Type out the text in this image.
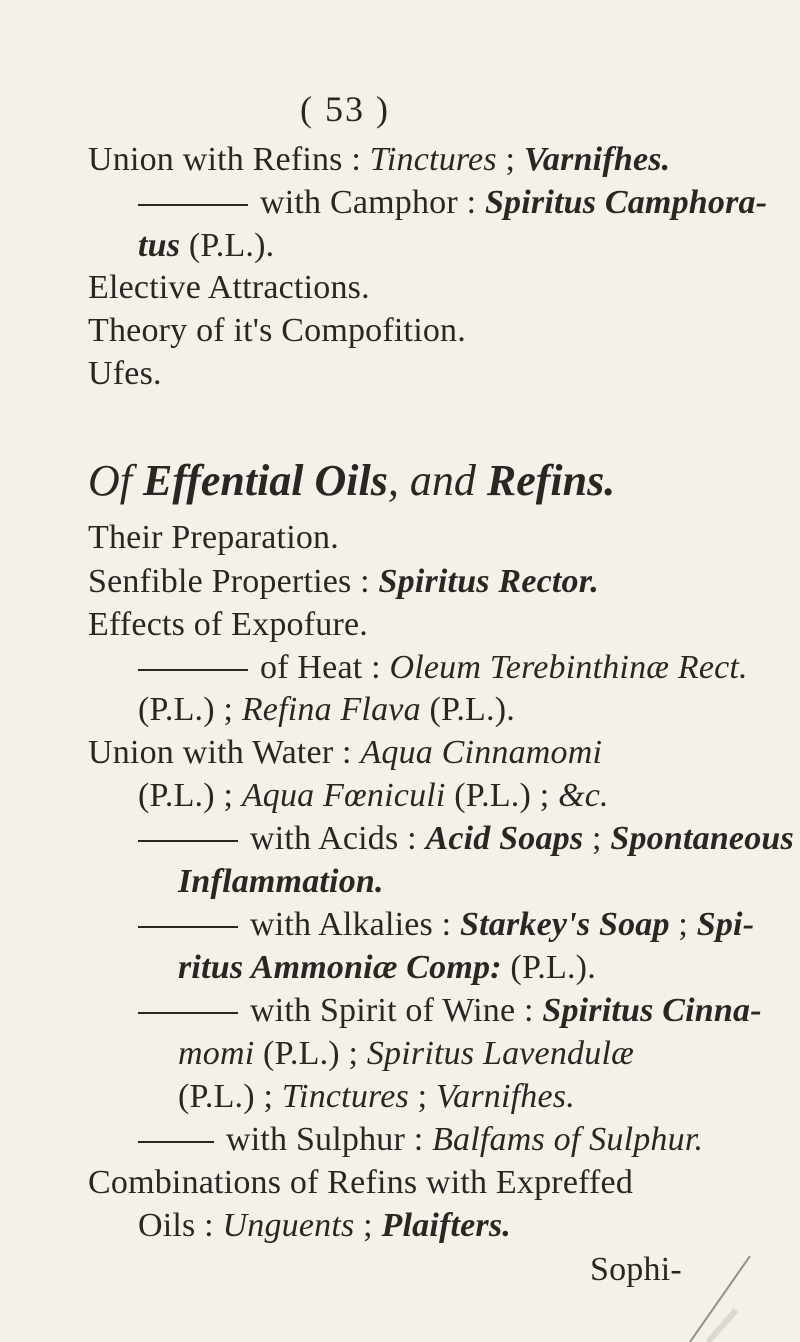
( 53 )
Union with Refins : Tinctures ; Varnifhes.
with Camphor : Spiritus Camphora-
tus (P.L.).
Elective Attractions.
Theory of it's Compofition.
Ufes.
Of Effential Oils, and Refins.
Their Preparation.
Senfible Properties : Spiritus Rector.
Effects of Expofure.
of Heat : Oleum Terebinthinæ Rect.
(P.L.) ; Refina Flava (P.L.).
Union with Water : Aqua Cinnamomi
(P.L.) ; Aqua Fœniculi (P.L.) ; &c.
with Acids : Acid Soaps ; Spontaneous
Inflammation.
with Alkalies : Starkey's Soap ; Spi-
ritus Ammoniæ Comp: (P.L.).
with Spirit of Wine : Spiritus Cinna-
momi (P.L.) ; Spiritus Lavendulæ
(P.L.) ; Tinctures ; Varnifhes.
with Sulphur : Balfams of Sulphur.
Combinations of Refins with Expreffed
Oils : Unguents ; Plaifters.
Sophi-
